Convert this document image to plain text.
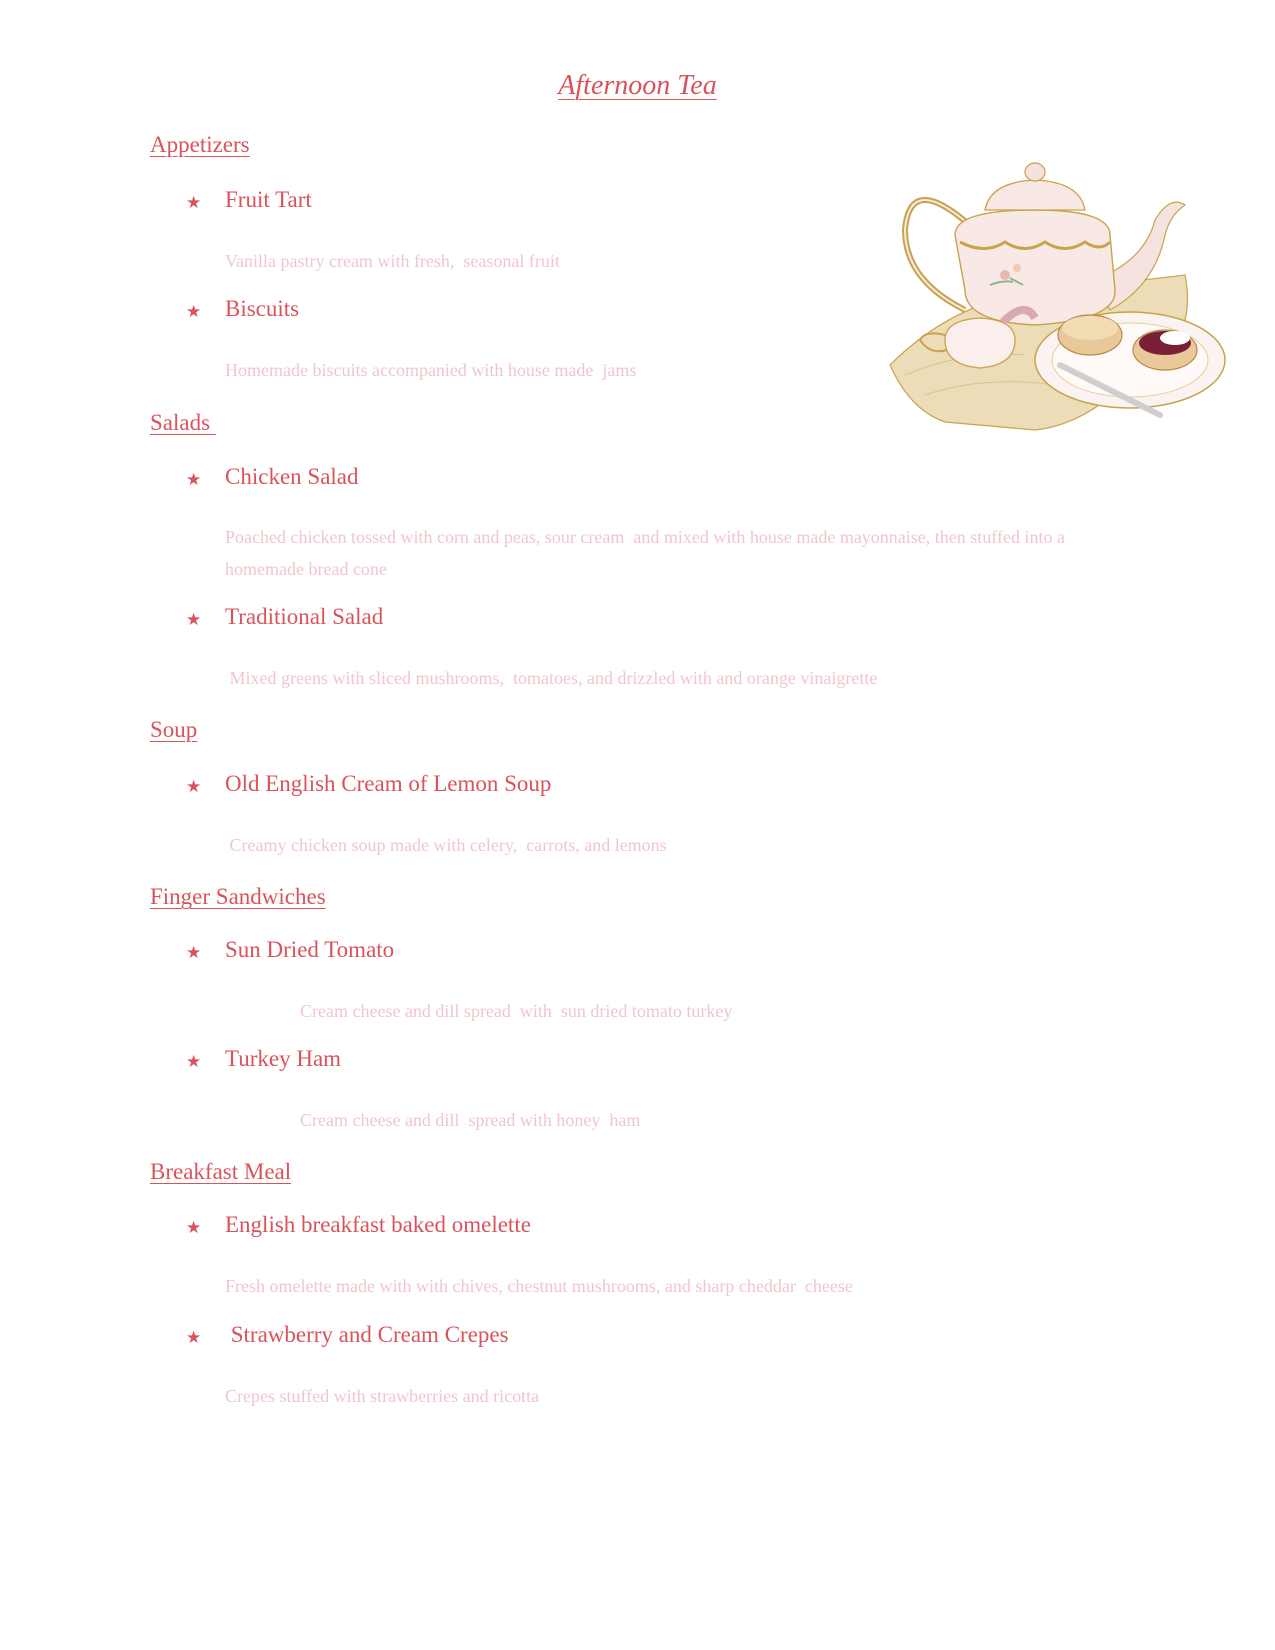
Afternoon Tea
Appetizers
★ Fruit Tart
Vanilla pastry cream with fresh,  seasonal fruit
★ Biscuits
Homemade biscuits accompanied with house made  jams
Salads
★ Chicken Salad
Poached chicken tossed with corn and peas, sour cream  and mixed with house made mayonnaise, then stuffed into a homemade bread cone
★ Traditional Salad
Mixed greens with sliced mushrooms,  tomatoes, and drizzled with and orange vinaigrette
Soup
★ Old English Cream of Lemon Soup
Creamy chicken soup made with celery,  carrots, and lemons
Finger Sandwiches
★ Sun Dried Tomato
Cream cheese and dill spread  with  sun dried tomato turkey
★ Turkey Ham
Cream cheese and dill  spread with honey  ham
Breakfast Meal
★ English breakfast baked omelette
Fresh omelette made with with chives, chestnut mushrooms, and sharp cheddar  cheese
★ Strawberry and Cream Crepes
Crepes stuffed with strawberries and ricotta
